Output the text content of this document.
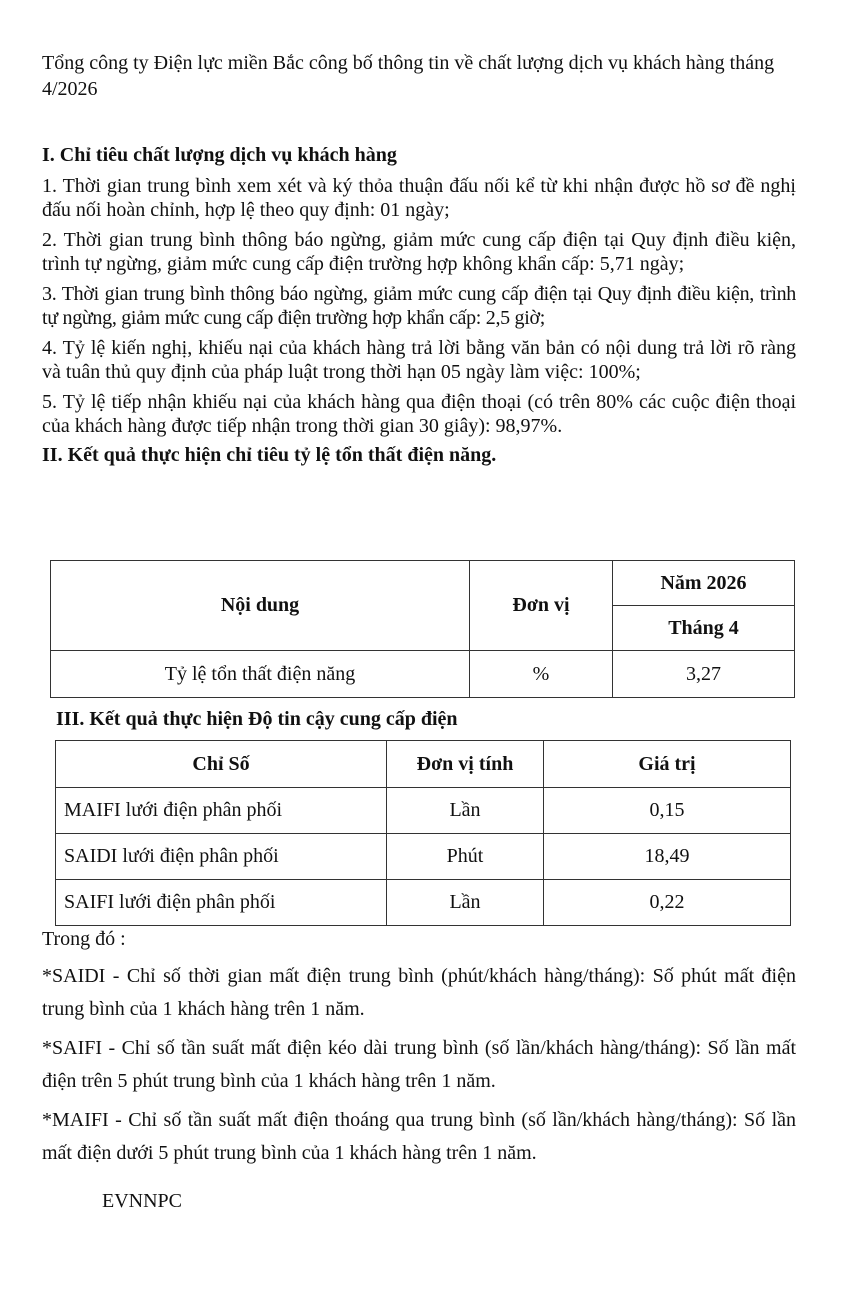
Tổng công ty Điện lực miền Bắc công bố thông tin về chất lượng dịch vụ khách hàng tháng 4/2026

I. Chỉ tiêu chất lượng dịch vụ khách hàng

1. Thời gian trung bình xem xét và ký thỏa thuận đấu nối kể từ khi nhận được hồ sơ đề nghị đấu nối hoàn chỉnh, hợp lệ theo quy định: 01 ngày;

2. Thời gian trung bình thông báo ngừng, giảm mức cung cấp điện tại Quy định điều kiện, trình tự ngừng, giảm mức cung cấp điện trường hợp không khẩn cấp: 5,71 ngày;

3. Thời gian trung bình thông báo ngừng, giảm mức cung cấp điện tại Quy định điều kiện, trình tự ngừng, giảm mức cung cấp điện trường hợp khẩn cấp: 2,5 giờ;

4. Tỷ lệ kiến nghị, khiếu nại của khách hàng trả lời bằng văn bản có nội dung trả lời rõ ràng và tuân thủ quy định của pháp luật trong thời hạn 05 ngày làm việc: 100%;

5. Tỷ lệ tiếp nhận khiếu nại của khách hàng qua điện thoại (có trên 80% các cuộc điện thoại của khách hàng được tiếp nhận trong thời gian 30 giây): 98,97%.

II. Kết quả thực hiện chỉ tiêu tỷ lệ tổn thất điện năng.

Nội dung	Đơn vị	Năm 2026
		Tháng 4
Tỷ lệ tổn thất điện năng	%	3,27

III. Kết quả thực hiện Độ tin cậy cung cấp điện

Chỉ Số	Đơn vị tính	Giá trị
MAIFI lưới điện phân phối	Lần	0,15
SAIDI lưới điện phân phối	Phút	18,49
SAIFI lưới điện phân phối	Lần	0,22

Trong đó :

*SAIDI - Chỉ số thời gian mất điện trung bình (phút/khách hàng/tháng): Số phút mất điện trung bình của 1 khách hàng trên 1 năm.

*SAIFI - Chỉ số tần suất mất điện kéo dài trung bình (số lần/khách hàng/tháng): Số lần mất điện trên 5 phút trung bình của 1 khách hàng trên 1 năm.

*MAIFI - Chỉ số tần suất mất điện thoáng qua trung bình (số lần/khách hàng/tháng): Số lần mất điện dưới 5 phút trung bình của 1 khách hàng trên 1 năm.

EVNNPC
